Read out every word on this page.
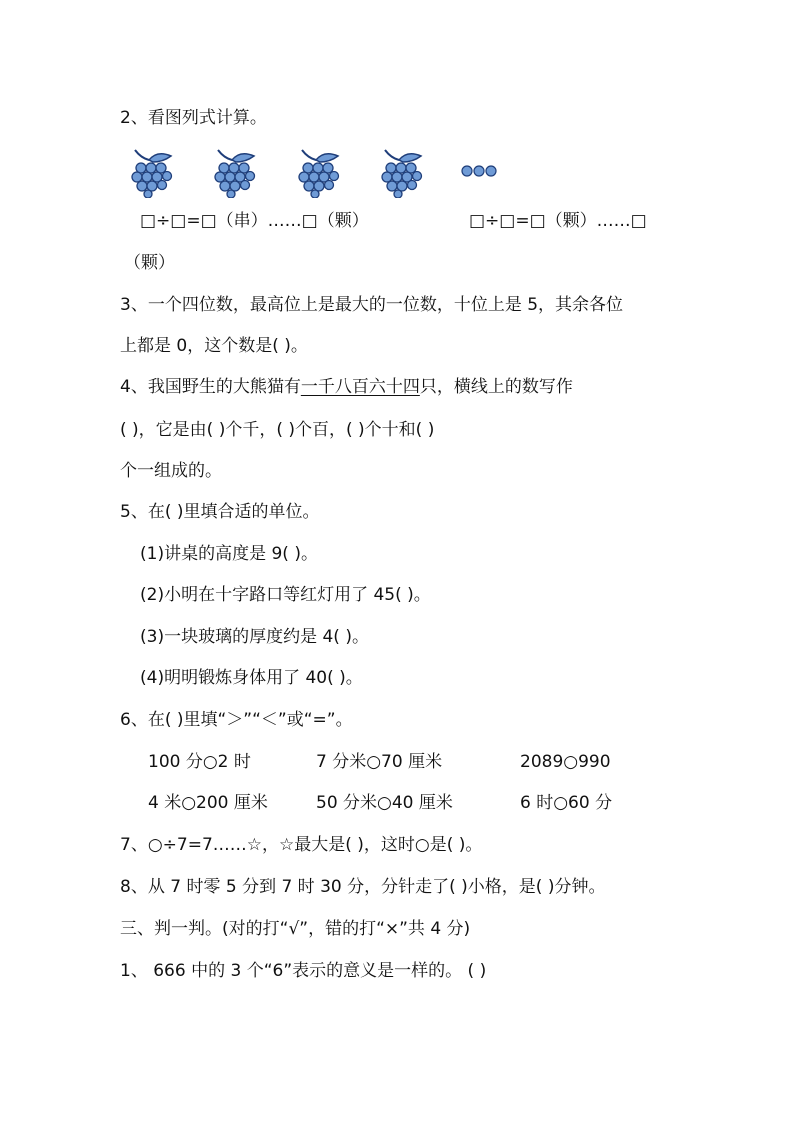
2、看图列式计算。
□÷□=□（串）……□（颗）	□÷□=□（颗）……□
（颗）
3、一个四位数，最高位上是最大的一位数，十位上是 5，其余各位
上都是 0，这个数是( )。
4、我国野生的大熊猫有一千八百六十四只，横线上的数写作
( )，它是由( )个千，( )个百，( )个十和( )
个一组成的。
5、在( )里填合适的单位。
(1)讲桌的高度是 9( )。
(2)小明在十字路口等红灯用了 45( )。
(3)一块玻璃的厚度约是 4( )。
(4)明明锻炼身体用了 40( )。
6、在( )里填“＞”“＜”或“=”。
100 分○2 时	7 分米○70 厘米	2089○990
4 米○200 厘米	50 分米○40 厘米	6 时○60 分
7、○÷7=7……☆，☆最大是( )，这时○是( )。
8、从 7 时零 5 分到 7 时 30 分，分针走了( )小格，是( )分钟。
三、判一判。(对的打“√”，错的打“×”共 4 分)
1、 666 中的 3 个“6”表示的意义是一样的。 ( )
